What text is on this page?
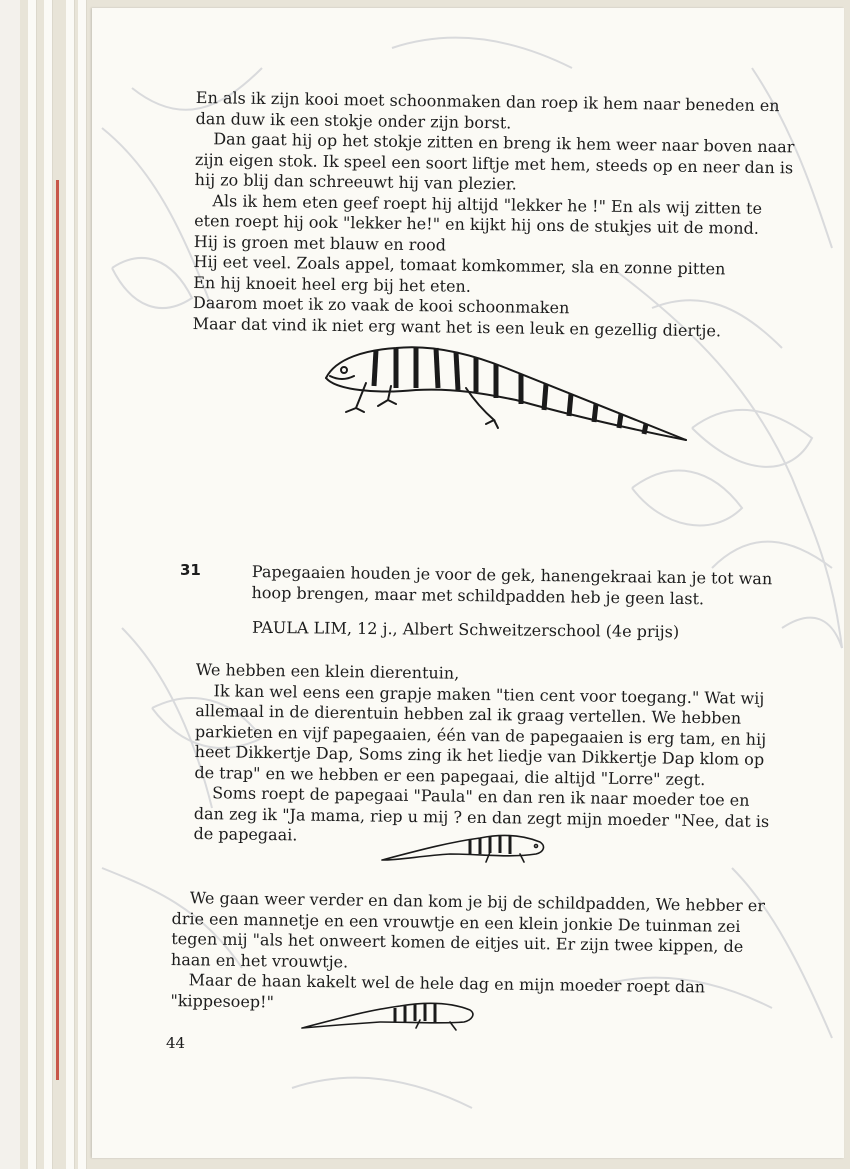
En als ik zijn kooi moet schoonmaken dan roep ik hem naar beneden en dan duw ik een stokje onder zijn borst.

Dan gaat hij op het stokje zitten en breng ik hem weer naar boven naar zijn eigen stok. Ik speel een soort liftje met hem, steeds op en neer dan is hij zo blij dan schreeuwt hij van plezier.

Als ik hem eten geef roept hij altijd "lekker he !" En als wij zitten te eten roept hij ook "lekker he!" en kijkt hij ons de stukjes uit de mond.

Hij is groen met blauw en rood

Hij eet veel. Zoals appel, tomaat komkommer, sla en zonne pitten

En hij knoeit heel erg bij het eten.

Daarom moet ik zo vaak de kooi schoonmaken

Maar dat vind ik niet erg want het is een leuk en gezellig diertje.

31	Papegaaien houden je voor de gek, hanengekraai kan je tot wan hoop brengen, maar met schildpadden heb je geen last.
PAULA LIM, 12 j., Albert Schweitzerschool (4e prijs)

We hebben een klein dierentuin,

Ik kan wel eens een grapje maken "tien cent voor toegang." Wat wij allemaal in de dierentuin hebben zal ik graag vertellen. We hebben parkieten en vijf papegaaien, één van de papegaaien is erg tam, en hij heet Dikkertje Dap, Soms zing ik het liedje van Dikkertje Dap klom op de trap" en we hebben er een papegaai, die altijd "Lorre" zegt.

Soms roept de papegaai "Paula" en dan ren ik naar moeder toe en dan zeg ik "Ja mama, riep u mij ? en dan zegt mijn moeder "Nee, dat is de papegaai.

We gaan weer verder en dan kom je bij de schildpadden, We hebber er drie een mannetje en een vrouwtje en een klein jonkie De tuinman zei tegen mij "als het onweert komen de eitjes uit. Er zijn twee kippen, de haan en het vrouwtje.

Maar de haan kakelt wel de hele dag en mijn moeder roept dan "kippesoep!"

44
